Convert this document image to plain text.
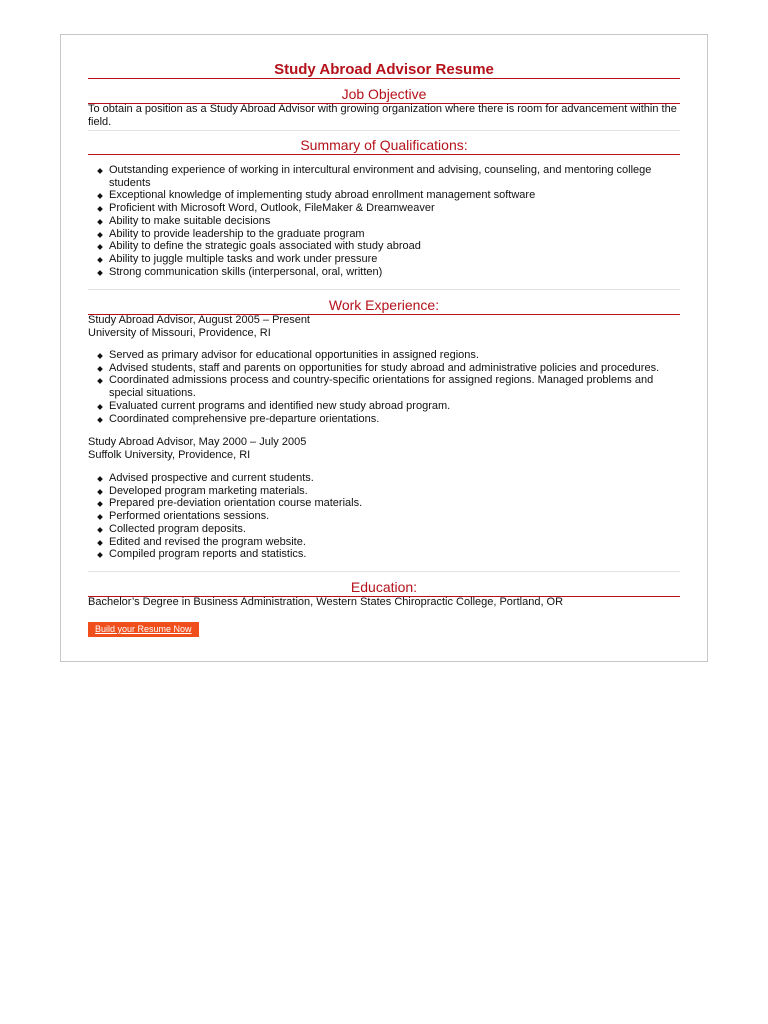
Study Abroad Advisor Resume
Job Objective
To obtain a position as a Study Abroad Advisor with growing organization where there is room for advancement within the field.
Summary of Qualifications:
Outstanding experience of working in intercultural environment and advising, counseling, and mentoring college students
Exceptional knowledge of implementing study abroad enrollment management software
Proficient with Microsoft Word, Outlook, FileMaker & Dreamweaver
Ability to make suitable decisions
Ability to provide leadership to the graduate program
Ability to define the strategic goals associated with study abroad
Ability to juggle multiple tasks and work under pressure
Strong communication skills (interpersonal, oral, written)
Work Experience:
Study Abroad Advisor, August 2005 – Present
University of Missouri, Providence, RI
Served as primary advisor for educational opportunities in assigned regions.
Advised students, staff and parents on opportunities for study abroad and administrative policies and procedures.
Coordinated admissions process and country-specific orientations for assigned regions. Managed problems and special situations.
Evaluated current programs and identified new study abroad program.
Coordinated comprehensive pre-departure orientations.
Study Abroad Advisor, May 2000 – July 2005
Suffolk University, Providence, RI
Advised prospective and current students.
Developed program marketing materials.
Prepared pre-deviation orientation course materials.
Performed orientations sessions.
Collected program deposits.
Edited and revised the program website.
Compiled program reports and statistics.
Education:
Bachelor’s Degree in Business Administration, Western States Chiropractic College, Portland, OR
Build your Resume Now
